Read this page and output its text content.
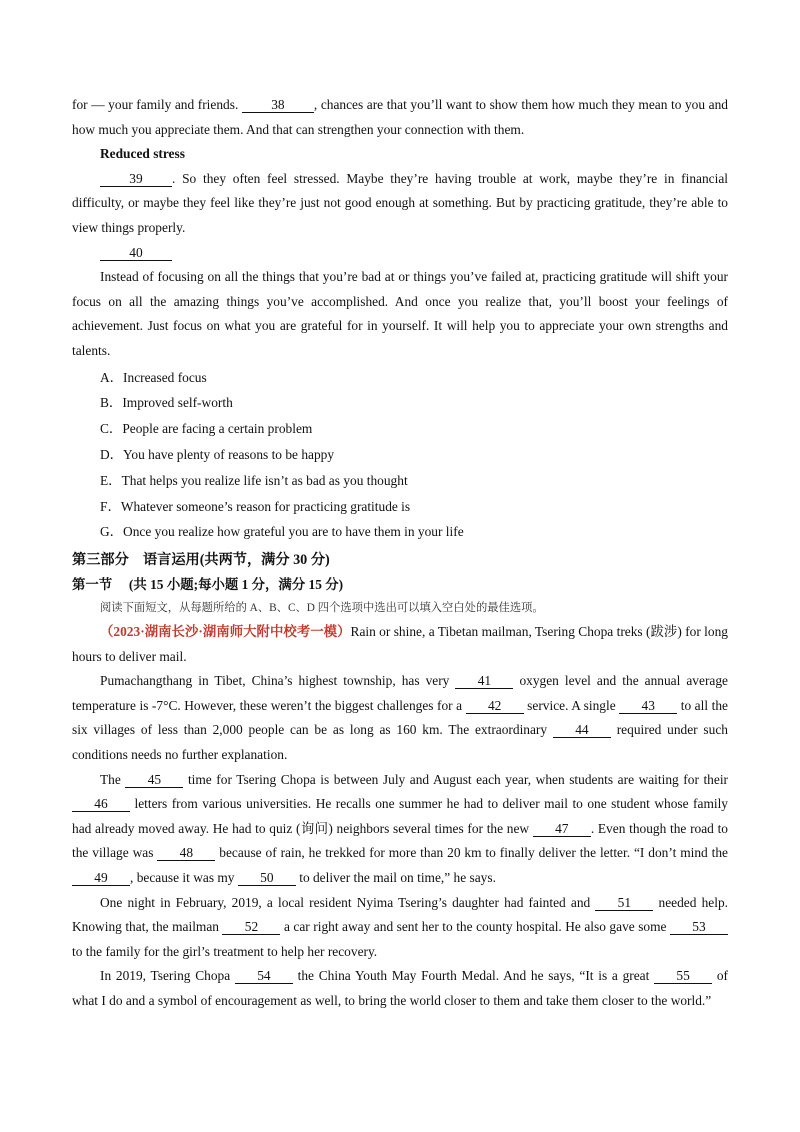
for — your family and friends. 38 , chances are that you’ll want to show them how much they mean to you and how much you appreciate them. And that can strengthen your connection with them.

Reduced stress

39 . So they often feel stressed. Maybe they’re having trouble at work, maybe they’re in financial difficulty, or maybe they feel like they’re just not good enough at something. But by practicing gratitude, they’re able to view things properly.

40

Instead of focusing on all the things that you’re bad at or things you’ve failed at, practicing gratitude will shift your focus on all the amazing things you’ve accomplished. And once you realize that, you’ll boost your feelings of achievement. Just focus on what you are grateful for in yourself. It will help you to appreciate your own strengths and talents.

A．Increased focus

B．Improved self-worth

C．People are facing a certain problem

D．You have plenty of reasons to be happy

E．That helps you realize life isn’t as bad as you thought

F．Whatever someone’s reason for practicing gratitude is

G．Once you realize how grateful you are to have them in your life

第三部分　语言运用(共两节，满分 30 分)

第一节　 (共 15 小题;每小题 1 分，满分 15 分)

阅读下面短文，从每题所给的 A、B、C、D 四个选项中选出可以填入空白处的最佳选项。

（2023·湖南长沙·湖南师大附中校考一模）Rain or shine, a Tibetan mailman, Tsering Chopa treks (跋涉) for long hours to deliver mail.

Pumachangthang in Tibet, China’s highest township, has very 41 oxygen level and the annual average temperature is -7°C. However, these weren’t the biggest challenges for a 42 service. A single 43 to all the six villages of less than 2,000 people can be as long as 160 km. The extraordinary 44 required under such conditions needs no further explanation.

The 45 time for Tsering Chopa is between July and August each year, when students are waiting for their 46 letters from various universities. He recalls one summer he had to deliver mail to one student whose family had already moved away. He had to quiz (询问) neighbors several times for the new 47 . Even though the road to the village was 48 because of rain, he trekked for more than 20 km to finally deliver the letter. “I don’t mind the 49 , because it was my 50 to deliver the mail on time,” he says.

One night in February, 2019, a local resident Nyima Tsering’s daughter had fainted and 51 needed help. Knowing that, the mailman 52 a car right away and sent her to the county hospital. He also gave some 53 to the family for the girl’s treatment to help her recovery.

In 2019, Tsering Chopa 54 the China Youth May Fourth Medal. And he says, “It is a great 55 of what I do and a symbol of encouragement as well, to bring the world closer to them and take them closer to the world.”
